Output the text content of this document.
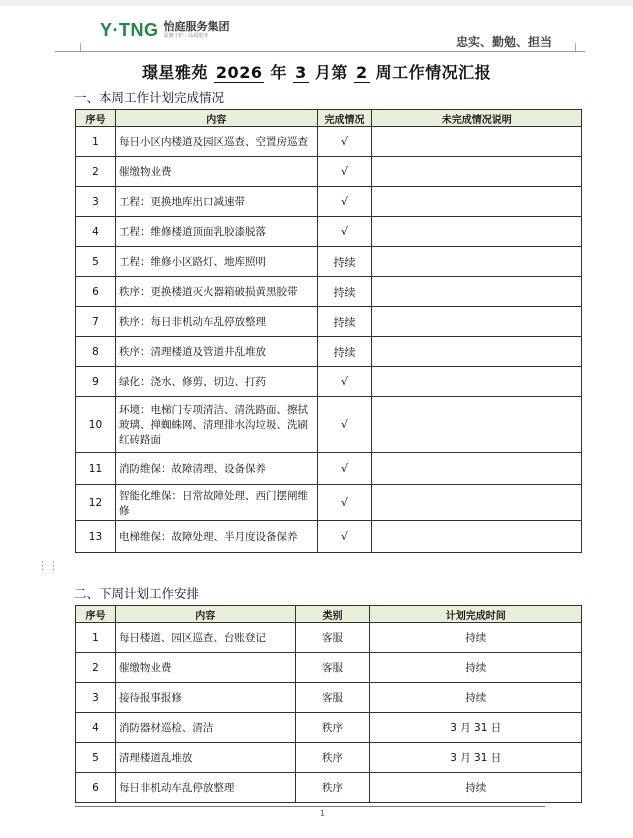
Y·TNG 怡庭服务集团
温馨守护 · 品质服务	忠实、勤勉、担当
璟星雅苑 2026 年 3 月第 2 周工作情况汇报
一、本周工作计划完成情况
序号	内容	完成情况	未完成情况说明
1	每日小区内楼道及园区巡查、空置房巡查	√	
2	催缴物业费	√	
3	工程：更换地库出口减速带	√	
4	工程：维修楼道顶面乳胶漆脱落	√	
5	工程：维修小区路灯、地库照明	持续	
6	秩序：更换楼道灭火器箱破损黄黑胶带	持续	
7	秩序：每日非机动车乱停放整理	持续	
8	秩序：清理楼道及管道井乱堆放	持续	
9	绿化：浇水、修剪、切边、打药	√	
10	环境：电梯门专项清洁、清洗路面、擦拭玻璃、掸蜘蛛网、清理排水沟垃圾、洗刷红砖路面	√	
11	消防维保：故障清理、设备保养	√	
12	智能化维保：日常故障处理、西门摆闸维修	√	
13	电梯维保：故障处理、半月度设备保养	√	
⋮⋮
二、下周计划工作安排
序号	内容	类别	计划完成时间
1	每日楼道、园区巡查、台账登记	客服	持续
2	催缴物业费	客服	持续
3	接待报事报修	客服	持续
4	消防器材巡检、清洁	秩序	3 月 31 日
5	清理楼道乱堆放	秩序	3 月 31 日
6	每日非机动车乱停放整理	秩序	持续
1
